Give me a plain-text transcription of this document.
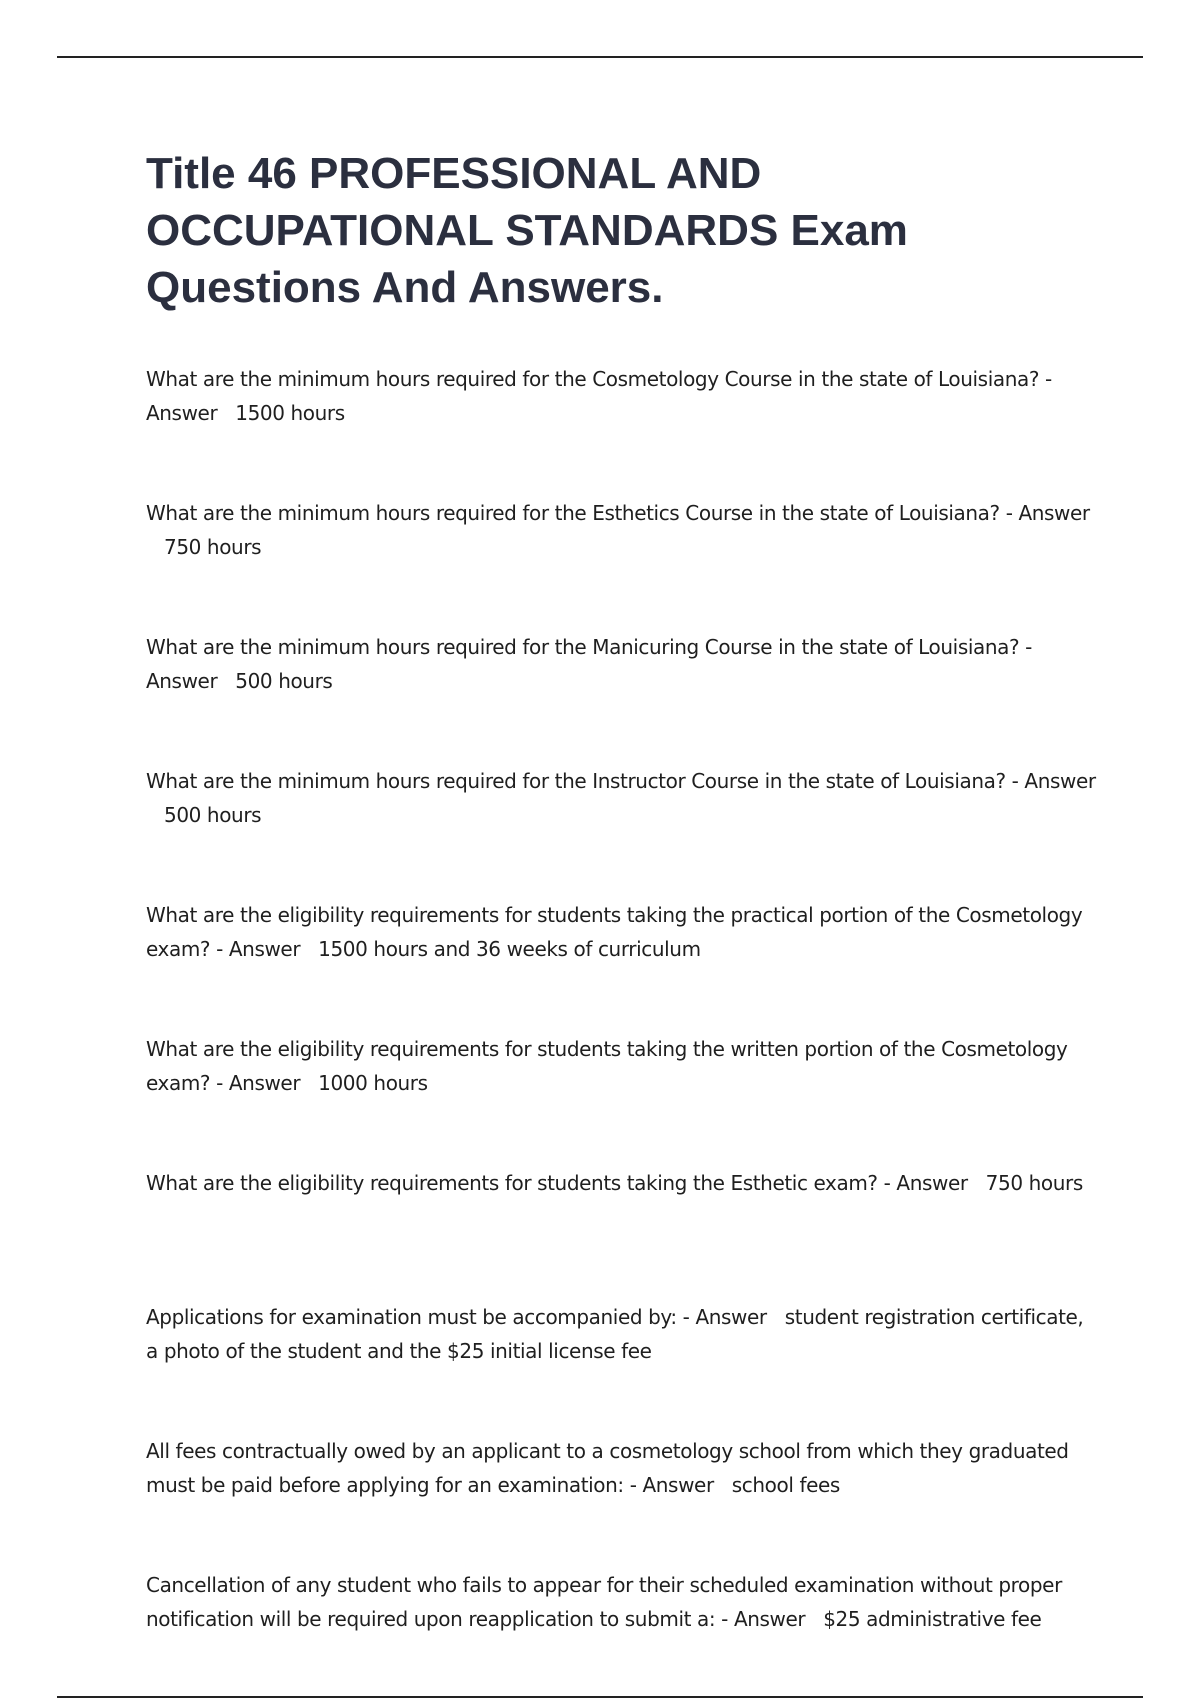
Title 46 PROFESSIONAL AND OCCUPATIONAL STANDARDS Exam Questions And Answers.
What are the minimum hours required for the Cosmetology Course in the state of Louisiana? - Answer 1500 hours
What are the minimum hours required for the Esthetics Course in the state of Louisiana? - Answer750 hours
What are the minimum hours required for the Manicuring Course in the state of Louisiana? - Answer 500 hours
What are the minimum hours required for the Instructor Course in the state of Louisiana? - Answer500 hours
What are the eligibility requirements for students taking the practical portion of the Cosmetology exam? - Answer 1500 hours and 36 weeks of curriculum
What are the eligibility requirements for students taking the written portion of the Cosmetology exam? - Answer 1000 hours
What are the eligibility requirements for students taking the Esthetic exam? - Answer 750 hours
Applications for examination must be accompanied by: - Answer student registration certificate, a photo of the student and the $25 initial license fee
All fees contractually owed by an applicant to a cosmetology school from which they graduated must be paid before applying for an examination: - Answer school fees
Cancellation of any student who fails to appear for their scheduled examination without proper notification will be required upon reapplication to submit a: - Answer $25 administrative fee
